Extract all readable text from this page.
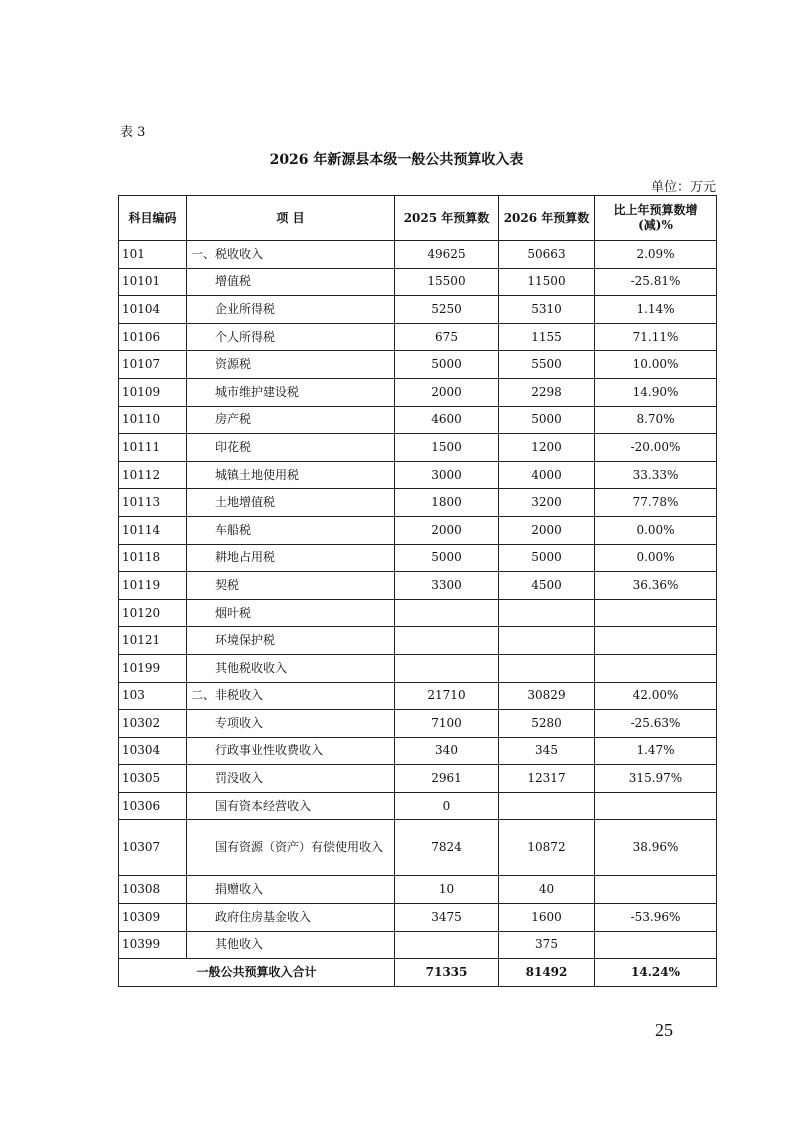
表 3
2026 年新源县本级一般公共预算收入表
单位：万元
科目编码	项 目	2025 年预算数	2026 年预算数	比上年预算数增(减)%
101	一、税收收入	49625	50663	2.09%
10101	增值税	15500	11500	-25.81%
10104	企业所得税	5250	5310	1.14%
10106	个人所得税	675	1155	71.11%
10107	资源税	5000	5500	10.00%
10109	城市维护建设税	2000	2298	14.90%
10110	房产税	4600	5000	8.70%
10111	印花税	1500	1200	-20.00%
10112	城镇土地使用税	3000	4000	33.33%
10113	土地增值税	1800	3200	77.78%
10114	车船税	2000	2000	0.00%
10118	耕地占用税	5000	5000	0.00%
10119	契税	3300	4500	36.36%
10120	烟叶税			
10121	环境保护税			
10199	其他税收收入			
103	二、非税收入	21710	30829	42.00%
10302	专项收入	7100	5280	-25.63%
10304	行政事业性收费收入	340	345	1.47%
10305	罚没收入	2961	12317	315.97%
10306	国有资本经营收入	0		
10307	国有资源（资产）有偿使用收入	7824	10872	38.96%
10308	捐赠收入	10	40	
10309	政府住房基金收入	3475	1600	-53.96%
10399	其他收入		375	
一般公共预算收入合计		71335	81492	14.24%
25
